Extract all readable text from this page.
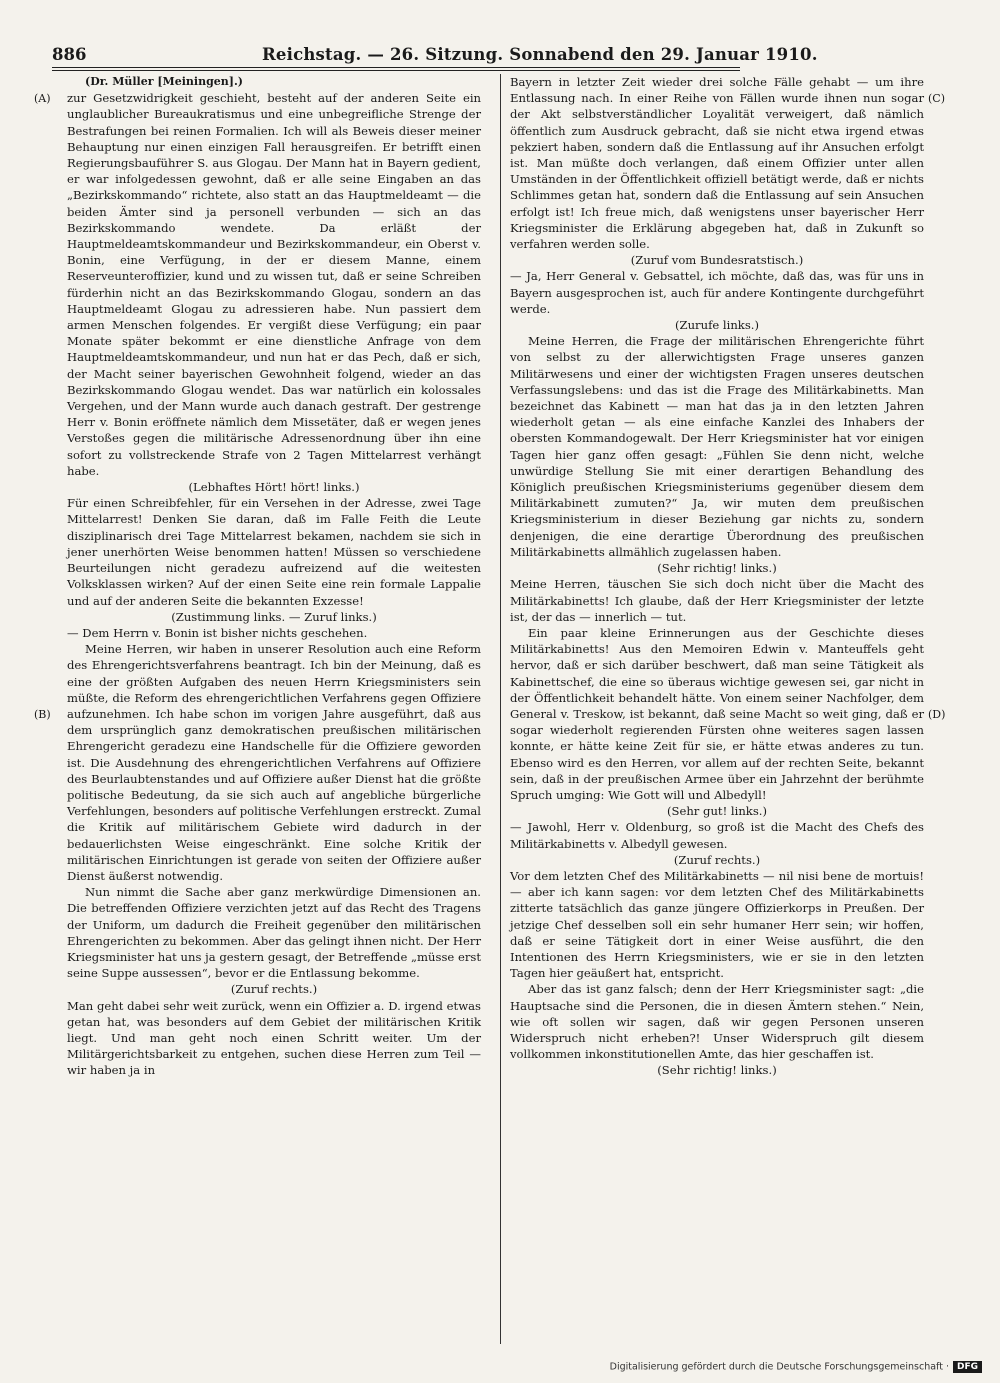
886	Reichstag. — 26. Sitzung. Sonnabend den 29. Januar 1910.
(A)
(B)
(C)
(D)

(Dr. Müller [Meiningen].)

zur Gesetzwidrigkeit geschieht, besteht auf der anderen Seite ein unglaublicher Bureaukratismus und eine unbegreifliche Strenge der Bestrafungen bei reinen Formalien. Ich will als Beweis dieser meiner Behauptung nur einen einzigen Fall herausgreifen. Er betrifft einen Regierungsbauführer S. aus Glogau. Der Mann hat in Bayern gedient, er war infolgedessen gewohnt, daß er alle seine Eingaben an das „Bezirkskommando“ richtete, also statt an das Hauptmeldeamt — die beiden Ämter sind ja personell verbunden — sich an das Bezirkskommando wendete. Da erläßt der Hauptmeldeamtskommandeur und Bezirkskommandeur, ein Oberst v. Bonin, eine Verfügung, in der er diesem Manne, einem Reserveunteroffizier, kund und zu wissen tut, daß er seine Schreiben fürderhin nicht an das Bezirkskommando Glogau, sondern an das Hauptmeldeamt Glogau zu adressieren habe. Nun passiert dem armen Menschen folgendes. Er vergißt diese Verfügung; ein paar Monate später bekommt er eine dienstliche Anfrage von dem Hauptmeldeamtskommandeur, und nun hat er das Pech, daß er sich, der Macht seiner bayerischen Gewohnheit folgend, wieder an das Bezirkskommando Glogau wendet. Das war natürlich ein kolossales Vergehen, und der Mann wurde auch danach gestraft. Der gestrenge Herr v. Bonin eröffnete nämlich dem Missetäter, daß er wegen jenes Verstoßes gegen die militärische Adressenordnung über ihn eine sofort zu vollstreckende Strafe von 2 Tagen Mittelarrest verhängt habe.

(Lebhaftes Hört! hört! links.)

Für einen Schreibfehler, für ein Versehen in der Adresse, zwei Tage Mittelarrest! Denken Sie daran, daß im Falle Feith die Leute disziplinarisch drei Tage Mittelarrest bekamen, nachdem sie sich in jener unerhörten Weise benommen hatten! Müssen so verschiedene Beurteilungen nicht geradezu aufreizend auf die weitesten Volksklassen wirken? Auf der einen Seite eine rein formale Lappalie und auf der anderen Seite die bekannten Exzesse!

(Zustimmung links. — Zuruf links.)

— Dem Herrn v. Bonin ist bisher nichts geschehen.

Meine Herren, wir haben in unserer Resolution auch eine Reform des Ehrengerichtsverfahrens beantragt. Ich bin der Meinung, daß es eine der größten Aufgaben des neuen Herrn Kriegsministers sein müßte, die Reform des ehrengerichtlichen Verfahrens gegen Offiziere aufzunehmen. Ich habe schon im vorigen Jahre ausgeführt, daß aus dem ursprünglich ganz demokratischen preußischen militärischen Ehrengericht geradezu eine Handschelle für die Offiziere geworden ist. Die Ausdehnung des ehrengerichtlichen Verfahrens auf Offiziere des Beurlaubtenstandes und auf Offiziere außer Dienst hat die größte politische Bedeutung, da sie sich auch auf angebliche bürgerliche Verfehlungen, besonders auf politische Verfehlungen erstreckt. Zumal die Kritik auf militärischem Gebiete wird dadurch in der bedauerlichsten Weise eingeschränkt. Eine solche Kritik der militärischen Einrichtungen ist gerade von seiten der Offiziere außer Dienst äußerst notwendig.

Nun nimmt die Sache aber ganz merkwürdige Dimensionen an. Die betreffenden Offiziere verzichten jetzt auf das Recht des Tragens der Uniform, um dadurch die Freiheit gegenüber den militärischen Ehrengerichten zu bekommen. Aber das gelingt ihnen nicht. Der Herr Kriegsminister hat uns ja gestern gesagt, der Betreffende „müsse erst seine Suppe aussessen“, bevor er die Entlassung bekomme.

(Zuruf rechts.)

Man geht dabei sehr weit zurück, wenn ein Offizier a. D. irgend etwas getan hat, was besonders auf dem Gebiet der militärischen Kritik liegt. Und man geht noch einen Schritt weiter. Um der Militärgerichtsbarkeit zu entgehen, suchen diese Herren zum Teil — wir haben ja in

Bayern in letzter Zeit wieder drei solche Fälle gehabt — um ihre Entlassung nach. In einer Reihe von Fällen wurde ihnen nun sogar der Akt selbstverständlicher Loyalität verweigert, daß nämlich öffentlich zum Ausdruck gebracht, daß sie nicht etwa irgend etwas pekziert haben, sondern daß die Entlassung auf ihr Ansuchen erfolgt ist. Man müßte doch verlangen, daß einem Offizier unter allen Umständen in der Öffentlichkeit offiziell betätigt werde, daß er nichts Schlimmes getan hat, sondern daß die Entlassung auf sein Ansuchen erfolgt ist! Ich freue mich, daß wenigstens unser bayerischer Herr Kriegsminister die Erklärung abgegeben hat, daß in Zukunft so verfahren werden solle.

(Zuruf vom Bundesratstisch.)

— Ja, Herr General v. Gebsattel, ich möchte, daß das, was für uns in Bayern ausgesprochen ist, auch für andere Kontingente durchgeführt werde.

(Zurufe links.)

Meine Herren, die Frage der militärischen Ehrengerichte führt von selbst zu der allerwichtigsten Frage unseres ganzen Militärwesens und einer der wichtigsten Fragen unseres deutschen Verfassungslebens: und das ist die Frage des Militärkabinetts. Man bezeichnet das Kabinett — man hat das ja in den letzten Jahren wiederholt getan — als eine einfache Kanzlei des Inhabers der obersten Kommandogewalt. Der Herr Kriegsminister hat vor einigen Tagen hier ganz offen gesagt: „Fühlen Sie denn nicht, welche unwürdige Stellung Sie mit einer derartigen Behandlung des Königlich preußischen Kriegsministeriums gegenüber diesem dem Militärkabinett zumuten?“ Ja, wir muten dem preußischen Kriegsministerium in dieser Beziehung gar nichts zu, sondern denjenigen, die eine derartige Überordnung des preußischen Militärkabinetts allmählich zugelassen haben.

(Sehr richtig! links.)

Meine Herren, täuschen Sie sich doch nicht über die Macht des Militärkabinetts! Ich glaube, daß der Herr Kriegsminister der letzte ist, der das — innerlich — tut.

Ein paar kleine Erinnerungen aus der Geschichte dieses Militärkabinetts! Aus den Memoiren Edwin v. Manteuffels geht hervor, daß er sich darüber beschwert, daß man seine Tätigkeit als Kabinettschef, die eine so überaus wichtige gewesen sei, gar nicht in der Öffentlichkeit behandelt hätte. Von einem seiner Nachfolger, dem General v. Treskow, ist bekannt, daß seine Macht so weit ging, daß er sogar wiederholt regierenden Fürsten ohne weiteres sagen lassen konnte, er hätte keine Zeit für sie, er hätte etwas anderes zu tun. Ebenso wird es den Herren, vor allem auf der rechten Seite, bekannt sein, daß in der preußischen Armee über ein Jahrzehnt der berühmte Spruch umging: Wie Gott will und Albedyll!

(Sehr gut! links.)

— Jawohl, Herr v. Oldenburg, so groß ist die Macht des Chefs des Militärkabinetts v. Albedyll gewesen.

(Zuruf rechts.)

Vor dem letzten Chef des Militärkabinetts — nil nisi bene de mortuis! — aber ich kann sagen: vor dem letzten Chef des Militärkabinetts zitterte tatsächlich das ganze jüngere Offizierkorps in Preußen. Der jetzige Chef desselben soll ein sehr humaner Herr sein; wir hoffen, daß er seine Tätigkeit dort in einer Weise ausführt, die den Intentionen des Herrn Kriegsministers, wie er sie in den letzten Tagen hier geäußert hat, entspricht.

Aber das ist ganz falsch; denn der Herr Kriegsminister sagt: „die Hauptsache sind die Personen, die in diesen Ämtern stehen.“ Nein, wie oft sollen wir sagen, daß wir gegen Personen unseren Widerspruch nicht erheben?! Unser Widerspruch gilt diesem vollkommen inkonstitutionellen Amte, das hier geschaffen ist.

(Sehr richtig! links.)

Digitalisierung gefördert durch die Deutsche Forschungsgemeinschaft · DFG
